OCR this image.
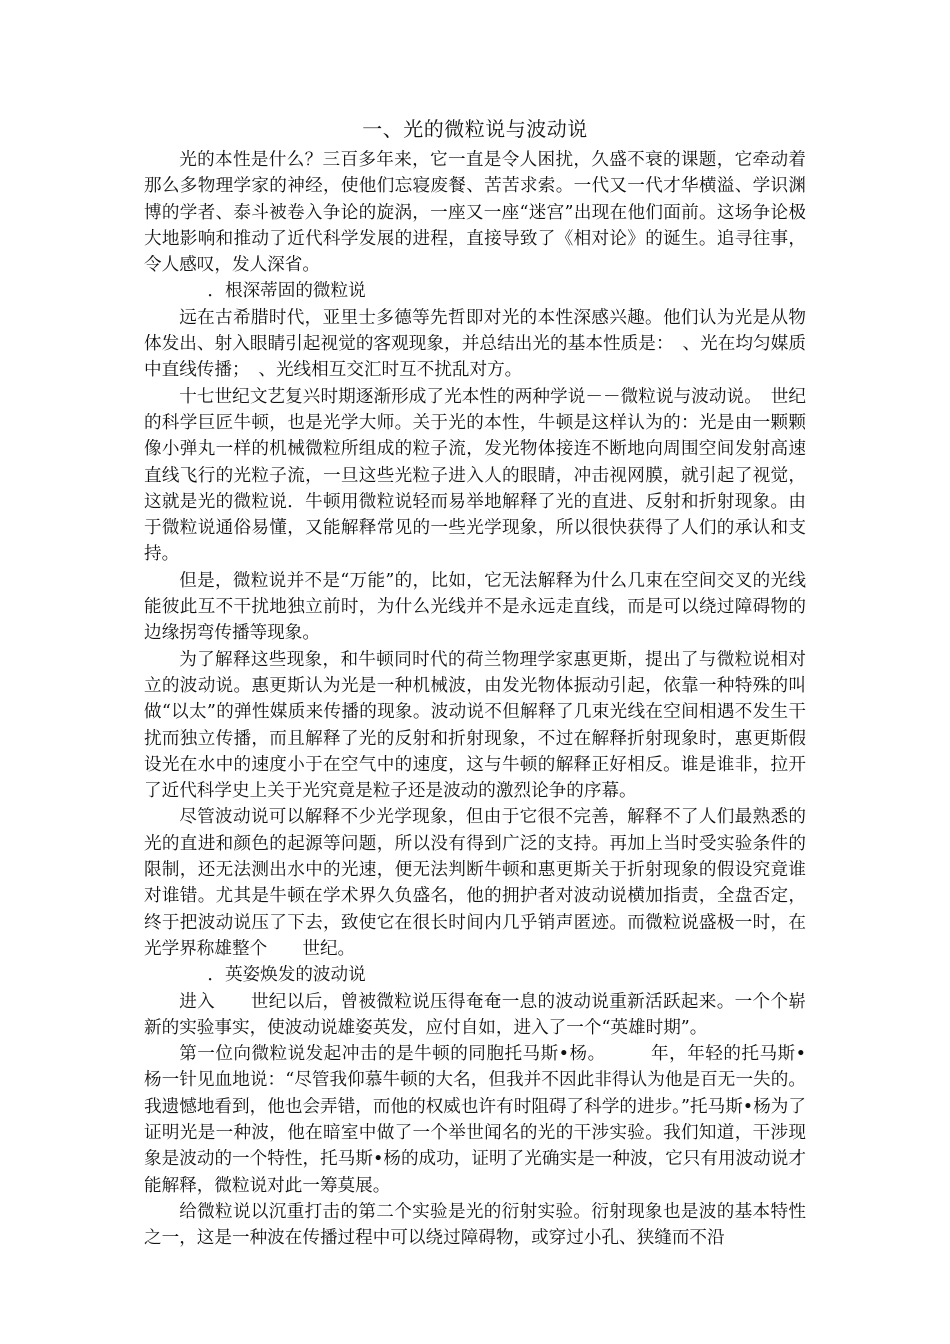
一、光的微粒说与波动说

光的本性是什么？三百多年来，它一直是令人困扰，久盛不衰的课题，它牵动着那么多物理学家的神经，使他们忘寝废餐、苦苦求索。一代又一代才华横溢、学识渊博的学者、泰斗被卷入争论的旋涡，一座又一座“迷宫”出现在他们面前。这场争论极大地影响和推动了近代科学发展的进程，直接导致了《相对论》的诞生。追寻往事，令人感叹，发人深省。

．根深蒂固的微粒说

远在古希腊时代，亚里士多德等先哲即对光的本性深感兴趣。他们认为光是从物体发出、射入眼睛引起视觉的客观现象，并总结出光的基本性质是：　、光在均匀媒质中直线传播；　、光线相互交汇时互不扰乱对方。

十七世纪文艺复兴时期逐渐形成了光本性的两种学说－－微粒说与波动说。　世纪的科学巨匠牛顿，也是光学大师。关于光的本性，牛顿是这样认为的：光是由一颗颗像小弹丸一样的机械微粒所组成的粒子流，发光物体接连不断地向周围空间发射高速直线飞行的光粒子流，一旦这些光粒子进入人的眼睛，冲击视网膜，就引起了视觉，这就是光的微粒说．牛顿用微粒说轻而易举地解释了光的直进、反射和折射现象。由于微粒说通俗易懂，又能解释常见的一些光学现象，所以很快获得了人们的承认和支持。

但是，微粒说并不是“万能”的，比如，它无法解释为什么几束在空间交叉的光线能彼此互不干扰地独立前时，为什么光线并不是永远走直线，而是可以绕过障碍物的边缘拐弯传播等现象。

为了解释这些现象，和牛顿同时代的荷兰物理学家惠更斯，提出了与微粒说相对立的波动说。惠更斯认为光是一种机械波，由发光物体振动引起，依靠一种特殊的叫做“以太”的弹性媒质来传播的现象。波动说不但解释了几束光线在空间相遇不发生干扰而独立传播，而且解释了光的反射和折射现象，不过在解释折射现象时，惠更斯假设光在水中的速度小于在空气中的速度，这与牛顿的解释正好相反。谁是谁非，拉开了近代科学史上关于光究竟是粒子还是波动的激烈论争的序幕。

尽管波动说可以解释不少光学现象，但由于它很不完善，解释不了人们最熟悉的光的直进和颜色的起源等问题，所以没有得到广泛的支持。再加上当时受实验条件的限制，还无法测出水中的光速，便无法判断牛顿和惠更斯关于折射现象的假设究竟谁对谁错。尤其是牛顿在学术界久负盛名，他的拥护者对波动说横加指责，全盘否定，终于把波动说压了下去，致使它在很长时间内几乎销声匿迹。而微粒说盛极一时，在光学界称雄整个　　世纪。

．英姿焕发的波动说

进入　　世纪以后，曾被微粒说压得奄奄一息的波动说重新活跃起来。一个个崭新的实验事实，使波动说雄姿英发，应付自如，进入了一个“英雄时期”。

第一位向微粒说发起冲击的是牛顿的同胞托马斯•杨。　　　年，年轻的托马斯•杨一针见血地说：“尽管我仰慕牛顿的大名，但我并不因此非得认为他是百无一失的。我遗憾地看到，他也会弄错，而他的权威也许有时阻碍了科学的进步。”托马斯•杨为了证明光是一种波，他在暗室中做了一个举世闻名的光的干涉实验。我们知道，干涉现象是波动的一个特性，托马斯•杨的成功，证明了光确实是一种波，它只有用波动说才能解释，微粒说对此一筹莫展。

给微粒说以沉重打击的第二个实验是光的衍射实验。衍射现象也是波的基本特性之一，这是一种波在传播过程中可以绕过障碍物，或穿过小孔、狭缝而不沿
